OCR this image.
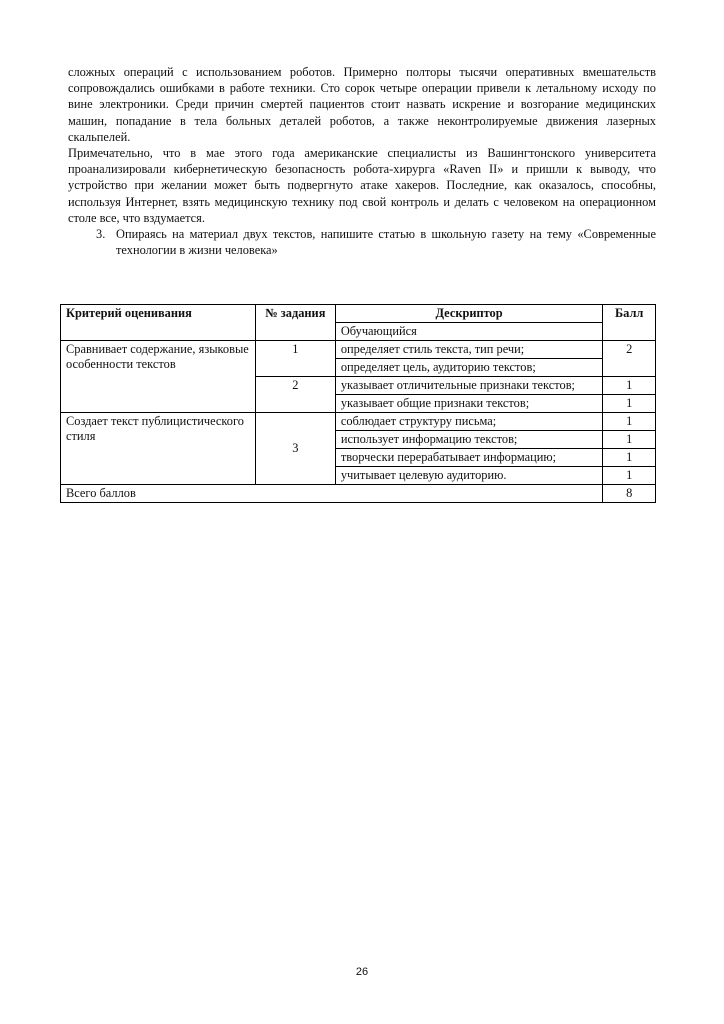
сложных операций с использованием роботов. Примерно полторы тысячи оперативных вмешательств сопровождались ошибками в работе техники. Сто сорок четыре операции привели к летальному исходу по вине электроники. Среди причин смертей пациентов стоит назвать искрение и возгорание медицинских машин, попадание в тела больных деталей роботов, а также неконтролируемые движения лазерных скальпелей.

Примечательно, что в мае этого года американские специалисты из Вашингтонского университета проанализировали кибернетическую безопасность робота-хирурга «Raven II» и пришли к выводу, что устройство при желании может быть подвергнуто атаке хакеров. Последние, как оказалось, способны, используя Интернет, взять медицинскую технику под свой контроль и делать с человеком на операционном столе все, что вздумается.

3. Опираясь на материал двух текстов, напишите статью в школьную газету на тему «Современные технологии в жизни человека»

Критерий оценивания	№ задания	Дескриптор	Балл
		Обучающийся	
Сравнивает содержание, языковые особенности текстов	1	определяет стиль текста, тип речи;	2
		определяет цель, аудиторию текстов;	
	2	указывает отличительные признаки текстов;	1
		указывает общие признаки текстов;	1
Создает текст публицистического стиля	3	соблюдает структуру письма;	1
		использует информацию текстов;	1
		творчески перерабатывает информацию;	1
		учитывает целевую аудиторию.	1
Всего баллов			8
26
